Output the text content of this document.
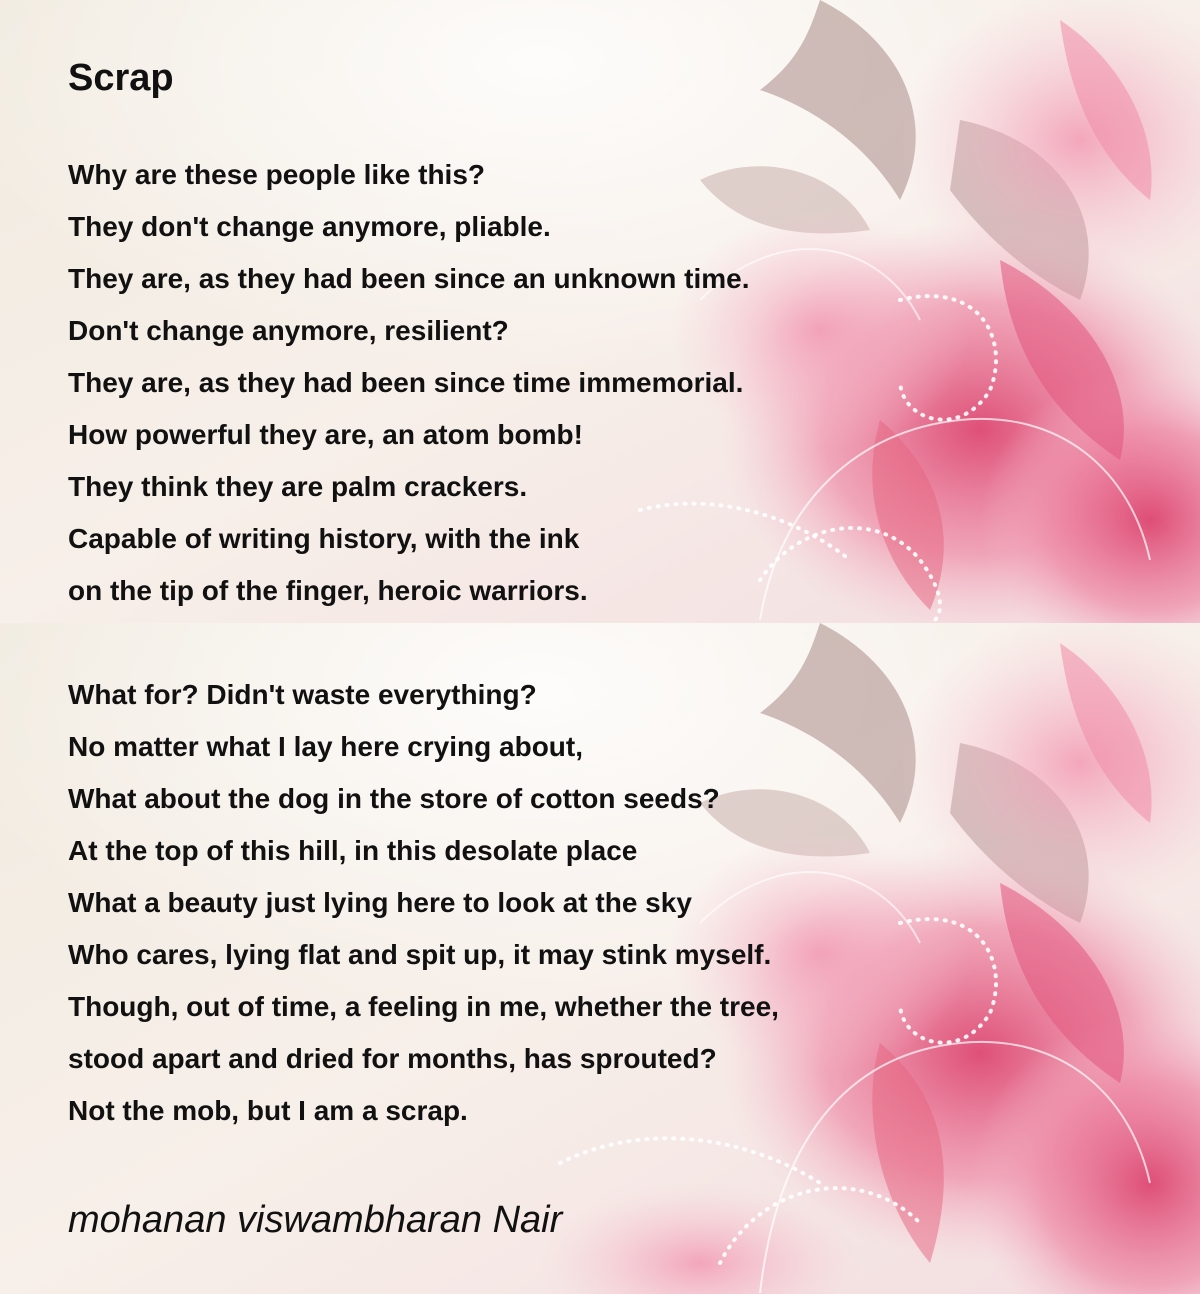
Scrap
Why are these people like this?
They don't change anymore, pliable.
They are, as they had been since an unknown time.
Don't change anymore, resilient?
They are, as they had been since time immemorial.
How powerful they are, an atom bomb!
They think they are palm crackers.
Capable of writing history, with the ink
on the tip of the finger, heroic warriors.
What for? Didn't waste everything?
No matter what I lay here crying about,
What about the dog in the store of cotton seeds?
At the top of this hill, in this desolate place
What a beauty just lying here to look at the sky
Who cares, lying flat and spit up, it may stink myself.
Though, out of time, a feeling in me, whether the tree,
stood apart and dried for months, has sprouted?
Not the mob, but I am a scrap.

mohanan viswambharan Nair
